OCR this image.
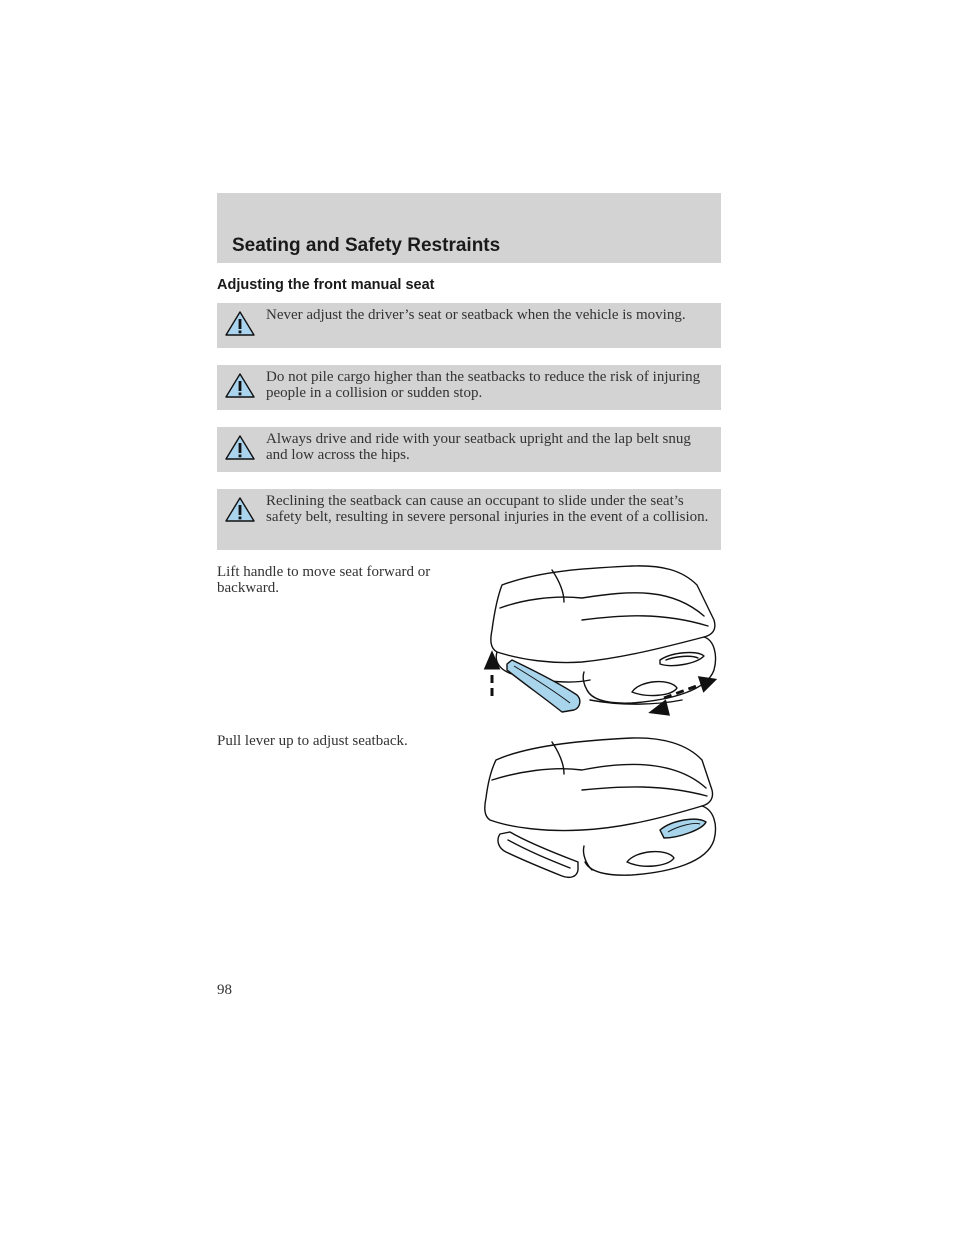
Seating and Safety Restraints
Adjusting the front manual seat
Never adjust the driver’s seat or seatback when the vehicle is moving.
Do not pile cargo higher than the seatbacks to reduce the risk of injuring people in a collision or sudden stop.
Always drive and ride with your seatback upright and the lap belt snug and low across the hips.
Reclining the seatback can cause an occupant to slide under the seat’s safety belt, resulting in severe personal injuries in the event of a collision.

Lift handle to move seat forward or backward.

Pull lever up to adjust seatback.

98
